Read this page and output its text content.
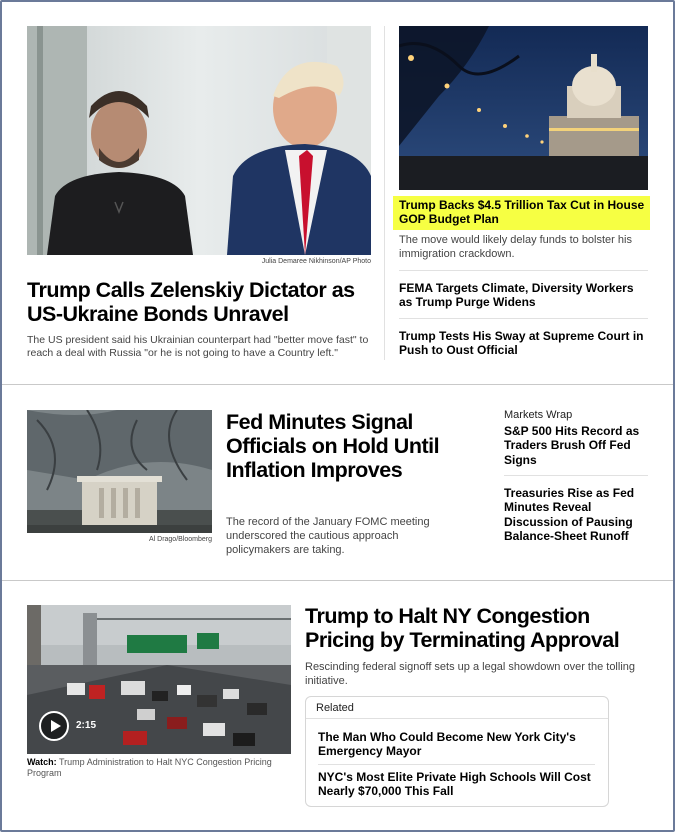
Julia Demaree Nikhinson/AP Photo
Trump Calls Zelenskiy Dictator as US-Ukraine Bonds Unravel
The US president said his Ukrainian counterpart had "better move fast" to reach a deal with Russia "or he is not going to have a Country left."
Trump Backs $4.5 Trillion Tax Cut in House GOP Budget Plan
The move would likely delay funds to bolster his immigration crackdown.
FEMA Targets Climate, Diversity Workers as Trump Purge Widens
Trump Tests His Sway at Supreme Court in Push to Oust Official
Al Drago/Bloomberg
Fed Minutes Signal Officials on Hold Until Inflation Improves
The record of the January FOMC meeting underscored the cautious approach policymakers are taking.
Markets Wrap
S&P 500 Hits Record as Traders Brush Off Fed Signs
Treasuries Rise as Fed Minutes Reveal Discussion of Pausing Balance-Sheet Runoff
2:15
Watch: Trump Administration to Halt NYC Congestion Pricing Program
Trump to Halt NY Congestion Pricing by Terminating Approval
Rescinding federal signoff sets up a legal showdown over the tolling initiative.
Related
The Man Who Could Become New York City's Emergency Mayor
NYC's Most Elite Private High Schools Will Cost Nearly $70,000 This Fall
